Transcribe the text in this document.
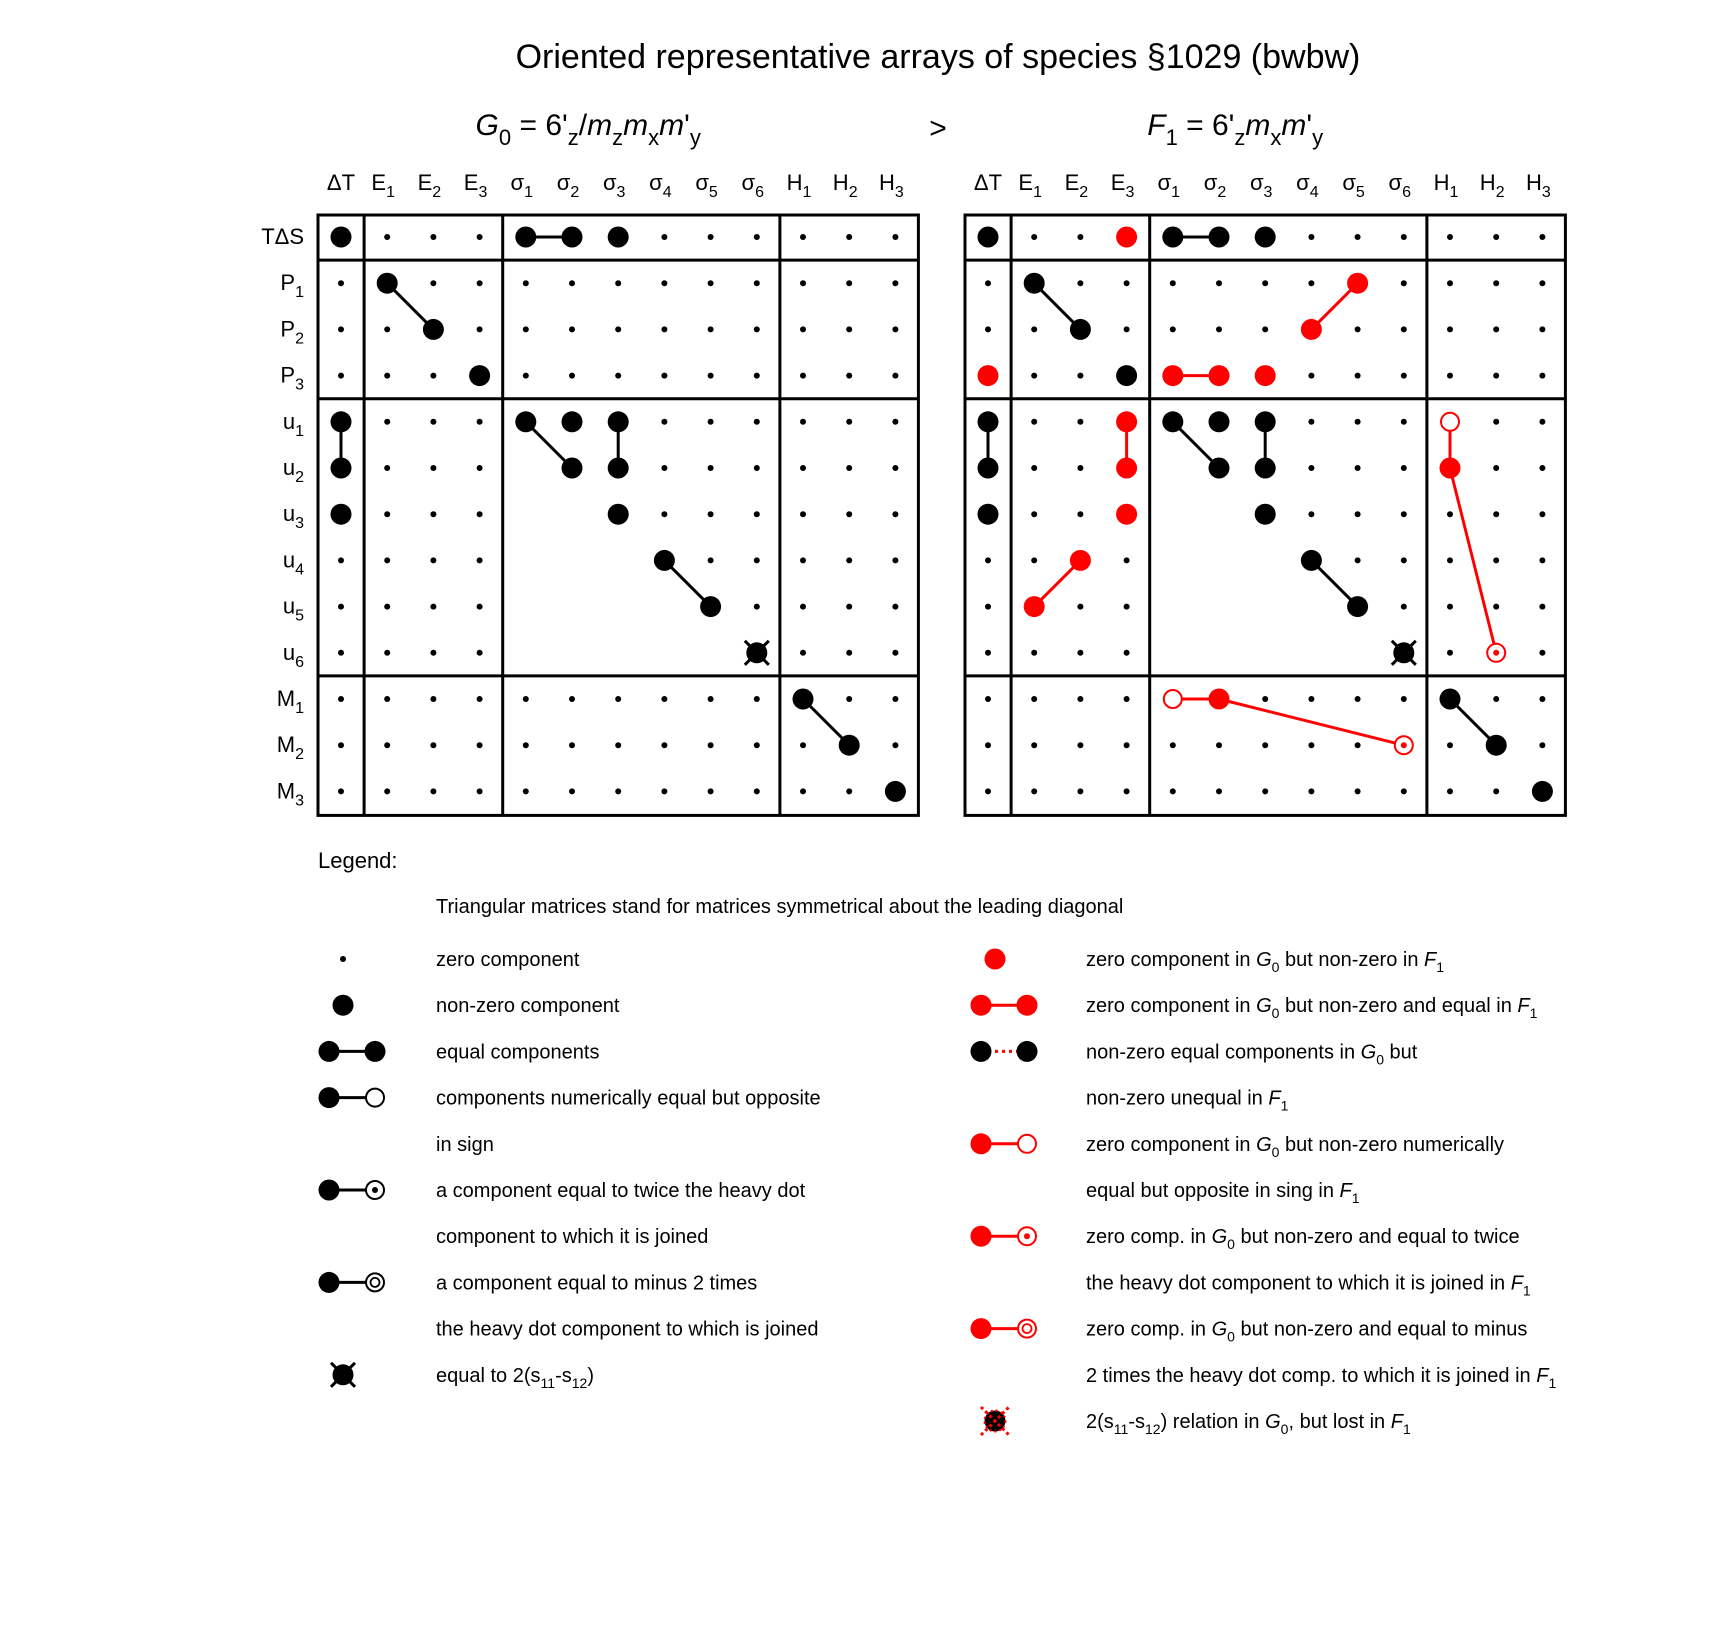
Oriented representative arrays of species §1029 (bwbw)
>
$G_0 = 6'_z/m_zm_xm'_y$
ΔT $E_1$ $E_2$ $E_3$ $\sigma_1$ $\sigma_2$ $\sigma_3$ $\sigma_4$ $\sigma_5$ $\sigma_6$ $H_1$ $H_2$ $H_3$
TΔS
$P_1$
$P_2$
$P_3$
$u_1$
$u_2$
$u_3$
$u_4$
$u_5$
$u_6$
$M_1$
$M_2$
$M_3$
$F_1 = 6'_zm_xm'_y$
ΔT $E_1$ $E_2$ $E_3$ $\sigma_1$ $\sigma_2$ $\sigma_3$ $\sigma_4$ $\sigma_5$ $\sigma_6$ $H_1$ $H_2$ $H_3$
Legend:
Triangular matrices stand for matrices symmetrical about the leading diagonal
zero component
non-zero component
equal components
components numerically equal but opposite
in sign
a component equal to twice the heavy dot
component to which it is joined
a component equal to minus 2 times
the heavy dot component to which is joined
equal to $2(s_{11}-s_{12})$
zero component in $G_0$ but non-zero in $F_1$
zero component in $G_0$ but non-zero and equal in $F_1$
non-zero equal components in $G_0$ but
non-zero unequal in $F_1$
zero component in $G_0$ but non-zero numerically
equal but opposite in sing in $F_1$
zero comp. in $G_0$ but non-zero and equal to twice
the heavy dot component to which it is joined in $F_1$
zero comp. in $G_0$ but non-zero and equal to minus
2 times the heavy dot comp. to which it is joined in $F_1$
$2(s_{11}-s_{12})$ relation in $G_0$, but lost in $F_1$
